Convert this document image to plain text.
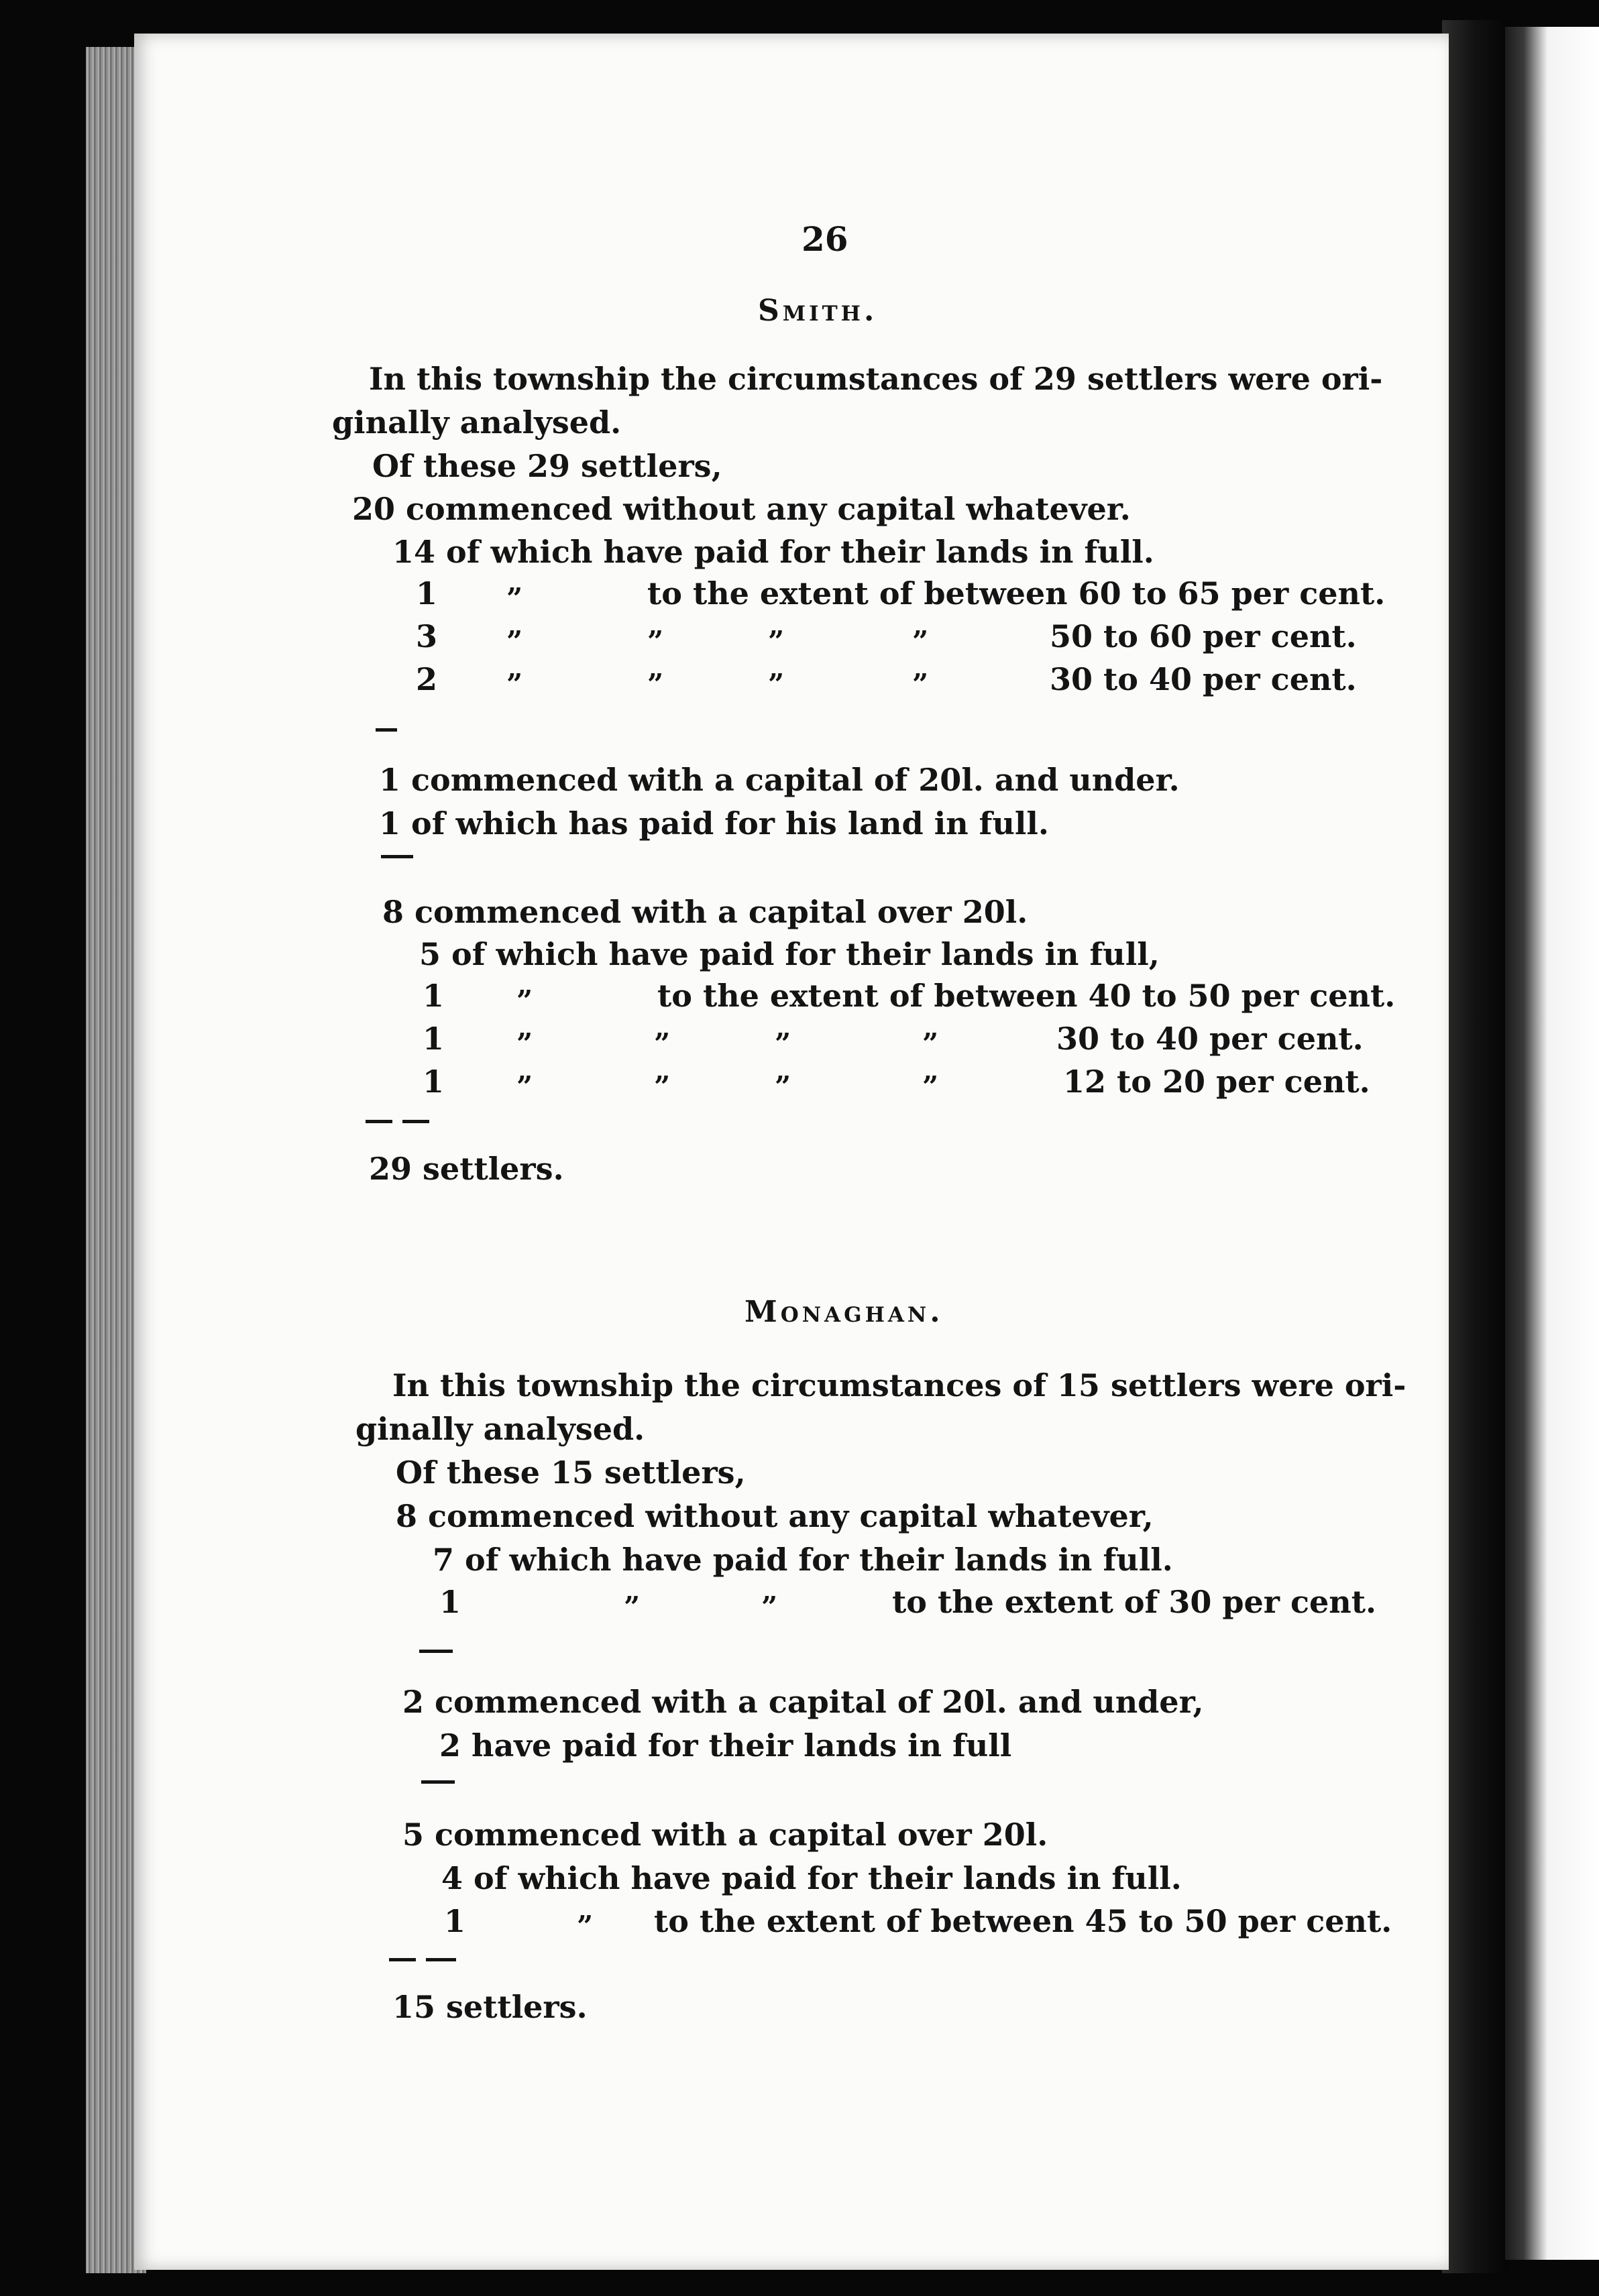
26
Smith.
In this township the circumstances of 29 settlers were ori-
ginally analysed.
Of these 29 settlers,
20 commenced without any capital whatever.
14 of which have paid for their lands in full.
1 ”	to the extent of between 60 to 65 per cent.
3 ”	”	”	”	50 to 60 per cent.
2 ”	”	”	”	30 to 40 per cent.
1 commenced with a capital of 20l. and under.
1 of which has paid for his land in full.
8 commenced with a capital over 20l.
5 of which have paid for their lands in full,
1	”	to the extent of between 40 to 50 per cent.
1	”	”	”	”	30 to 40 per cent.
1	”	”	”	”	12 to 20 per cent.
29 settlers.
Monaghan.
In this township the circumstances of 15 settlers were ori-
ginally analysed.
Of these 15 settlers,
8 commenced without any capital whatever,
7 of which have paid for their lands in full.
1	”	”	to the extent of 30 per cent.
2 commenced with a capital of 20l. and under,
2 have paid for their lands in full
5 commenced with a capital over 20l.
4 of which have paid for their lands in full.
1	” to the extent of between 45 to 50 per cent.
15 settlers.
